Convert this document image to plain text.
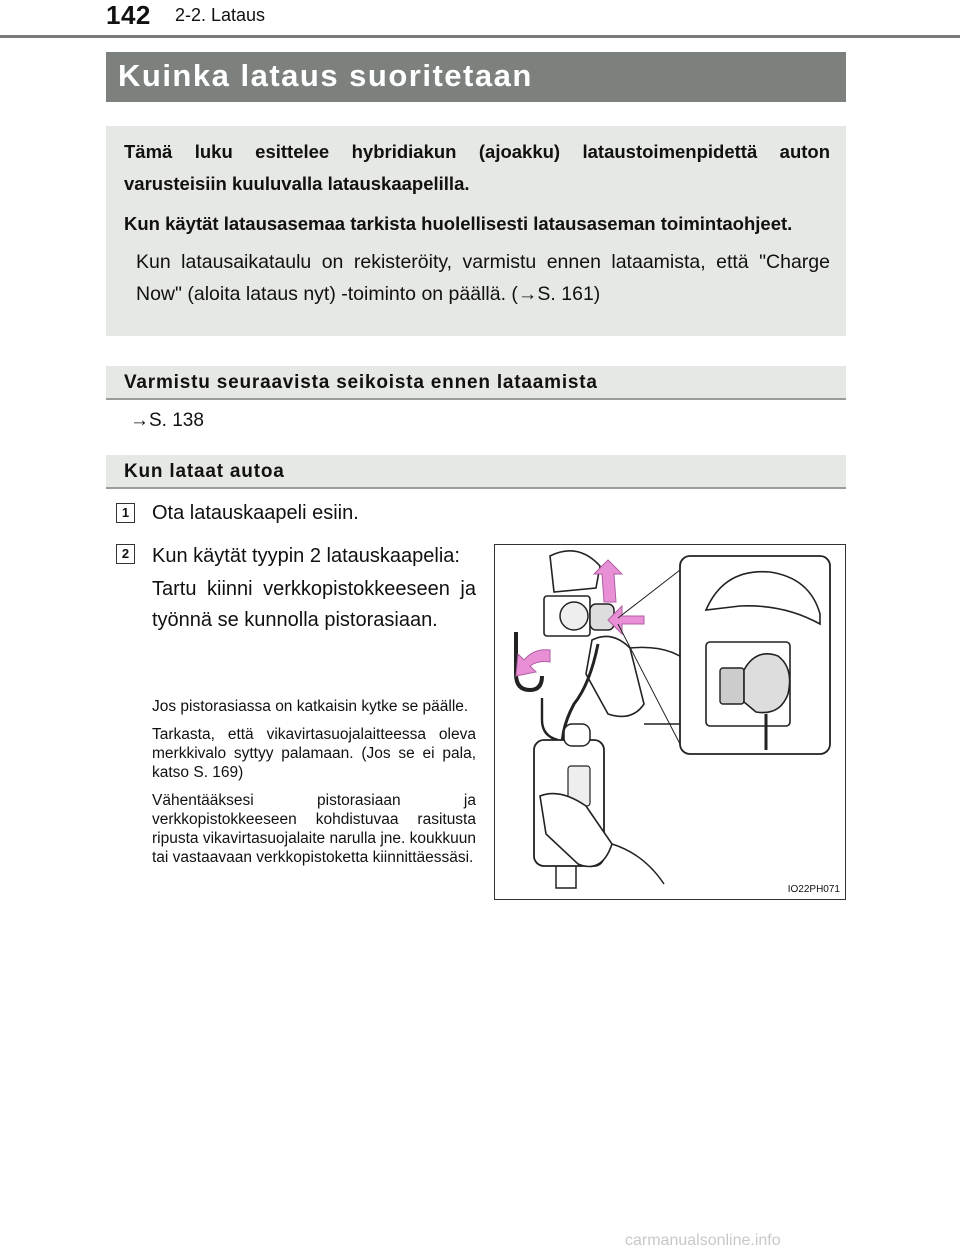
142 2-2. Lataus
Kuinka lataus suoritetaan

Tämä luku esittelee hybridiakun (ajoakku) lataustoimenpidettä auton varusteisiin kuuluvalla latauskaapelilla.

Kun käytät latausasemaa tarkista huolellisesti latausaseman toimintaohjeet.

Kun latausaikataulu on rekisteröity, varmistu ennen lataamista, että "Charge Now" (aloita lataus nyt) -toiminto on päällä. (→S. 161)

Varmistu seuraavista seikoista ennen lataamista
→S. 138
Kun lataat autoa
1 Ota latauskaapeli esiin.
2 Kun käytät tyypin 2 latauskaapelia:

Tartu kiinni verkkopistokkeeseen ja työnnä se kunnolla pistorasiaan.

Jos pistorasiassa on katkaisin kytke se päälle.

Tarkasta, että vikavirtasuojalaitteessa oleva merkkivalo syttyy palamaan. (Jos se ei pala, katso S. 169)

Vähentääksesi pistorasiaan ja verkkopistokkeeseen kohdistuvaa rasitusta ripusta vikavirtasuojalaite narulla jne. koukkuun tai vastaavaan verkkopistoketta kiinnittäessäsi.

IO22PH071
carmanualsonline.info
